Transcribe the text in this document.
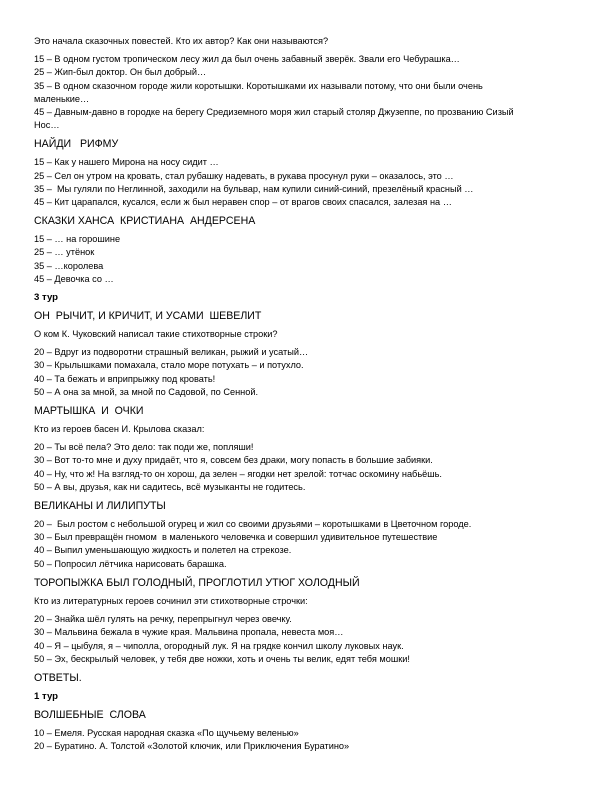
Это начала сказочных повестей. Кто их автор? Как они называются?
15 – В одном густом тропическом лесу жил да был очень забавный зверёк. Звали его Чебурашка…
25 – Жип-был доктор. Он был добрый…
35 – В одном сказочном городе жили коротышки. Коротышками их называли потому, что они были очень
маленькие…
45 – Давным-давно в городке на берегу Средиземного моря жил старый столяр Джузеппе, по прозванию Сизый
Нос…
НАЙДИ   РИФМУ
15 – Как у нашего Мирона на носу сидит …
25 – Сел он утром на кровать, стал рубашку надевать, в рукава просунул руки – оказалось, это …
35 –  Мы гуляли по Неглинной, заходили на бульвар, нам купили синий-синий, презелёный красный …
45 – Кит царапался, кусался, если ж был неравен спор – от врагов своих спасался, залезая на …
СКАЗКИ ХАНСА  КРИСТИАНА  АНДЕРСЕНА
15 – … на горошине
25 – … утёнок
35 – …королева
45 – Девочка со …
3 тур
ОН  РЫЧИТ, И КРИЧИТ, И УСАМИ  ШЕВЕЛИТ
О ком К. Чуковский написал такие стихотворные строки?
20 – Вдруг из подворотни страшный великан, рыжий и усатый…
30 – Крылышками помахала, стало море потухать – и потухло.
40 – Та бежать и вприпрыжку под кровать!
50 – А она за мной, за мной по Садовой, по Сенной.
МАРТЫШКА  И  ОЧКИ
Кто из героев басен И. Крылова сказал:
20 – Ты всё пела? Это дело: так поди же, попляши!
30 – Вот то-то мне и духу придаёт, что я, совсем без драки, могу попасть в большие забияки.
40 – Ну, что ж! На взгляд-то он хорош, да зелен – ягодки нет зрелой: тотчас оскомину набьёшь.
50 – А вы, друзья, как ни садитесь, всё музыканты не годитесь.
ВЕЛИКАНЫ И ЛИЛИПУТЫ
20 –  Был ростом с небольшой огурец и жил со своими друзьями – коротышками в Цветочном городе.
30 – Был превращён гномом  в маленького человечка и совершил удивительное путешествие
40 – Выпил уменьшающую жидкость и полетел на стрекозе.
50 – Попросил лётчика нарисовать барашка.
ТОРОПЫЖКА БЫЛ ГОЛОДНЫЙ, ПРОГЛОТИЛ УТЮГ ХОЛОДНЫЙ
Кто из литературных героев сочинил эти стихотворные строчки:
20 – Знайка шёл гулять на речку, перепрыгнул через овечку.
30 – Мальвина бежала в чужие края. Мальвина пропала, невеста моя…
40 – Я – цыбуля, я – чиполла, огородный лук. Я на грядке кончил школу луковых наук.
50 – Эх, бескрылый человек, у тебя две ножки, хоть и очень ты велик, едят тебя мошки!
ОТВЕТЫ.
1 тур
ВОЛШЕБНЫЕ  СЛОВА
10 – Емеля. Русская народная сказка «По щучьему веленью»
20 – Буратино. А. Толстой «Золотой ключик, или Приключения Буратино»
